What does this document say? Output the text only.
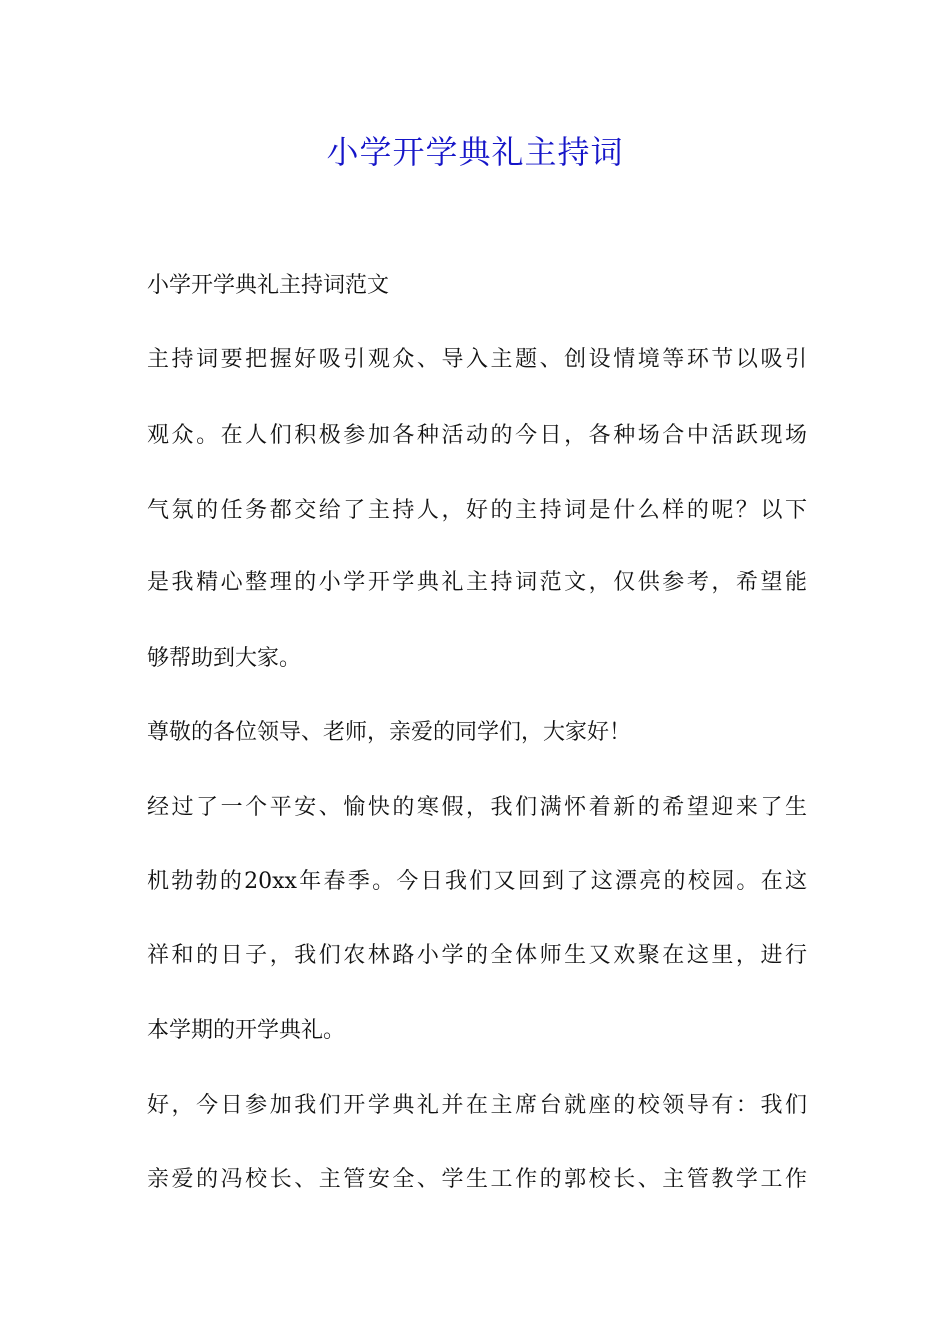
小学开学典礼主持词
小学开学典礼主持词范文
主持词要把握好吸引观众、导入主题、创设情境等环节以吸引
观众。在人们积极参加各种活动的今日，各种场合中活跃现场
气氛的任务都交给了主持人，好的主持词是什么样的呢？以下
是我精心整理的小学开学典礼主持词范文，仅供参考，希望能
够帮助到大家。
尊敬的各位领导、老师，亲爱的同学们，大家好！
经过了一个平安、愉快的寒假，我们满怀着新的希望迎来了生
机勃勃的20xx年春季。今日我们又回到了这漂亮的校园。在这
祥和的日子，我们农林路小学的全体师生又欢聚在这里，进行
本学期的开学典礼。
好，今日参加我们开学典礼并在主席台就座的校领导有：我们
亲爱的冯校长、主管安全、学生工作的郭校长、主管教学工作
